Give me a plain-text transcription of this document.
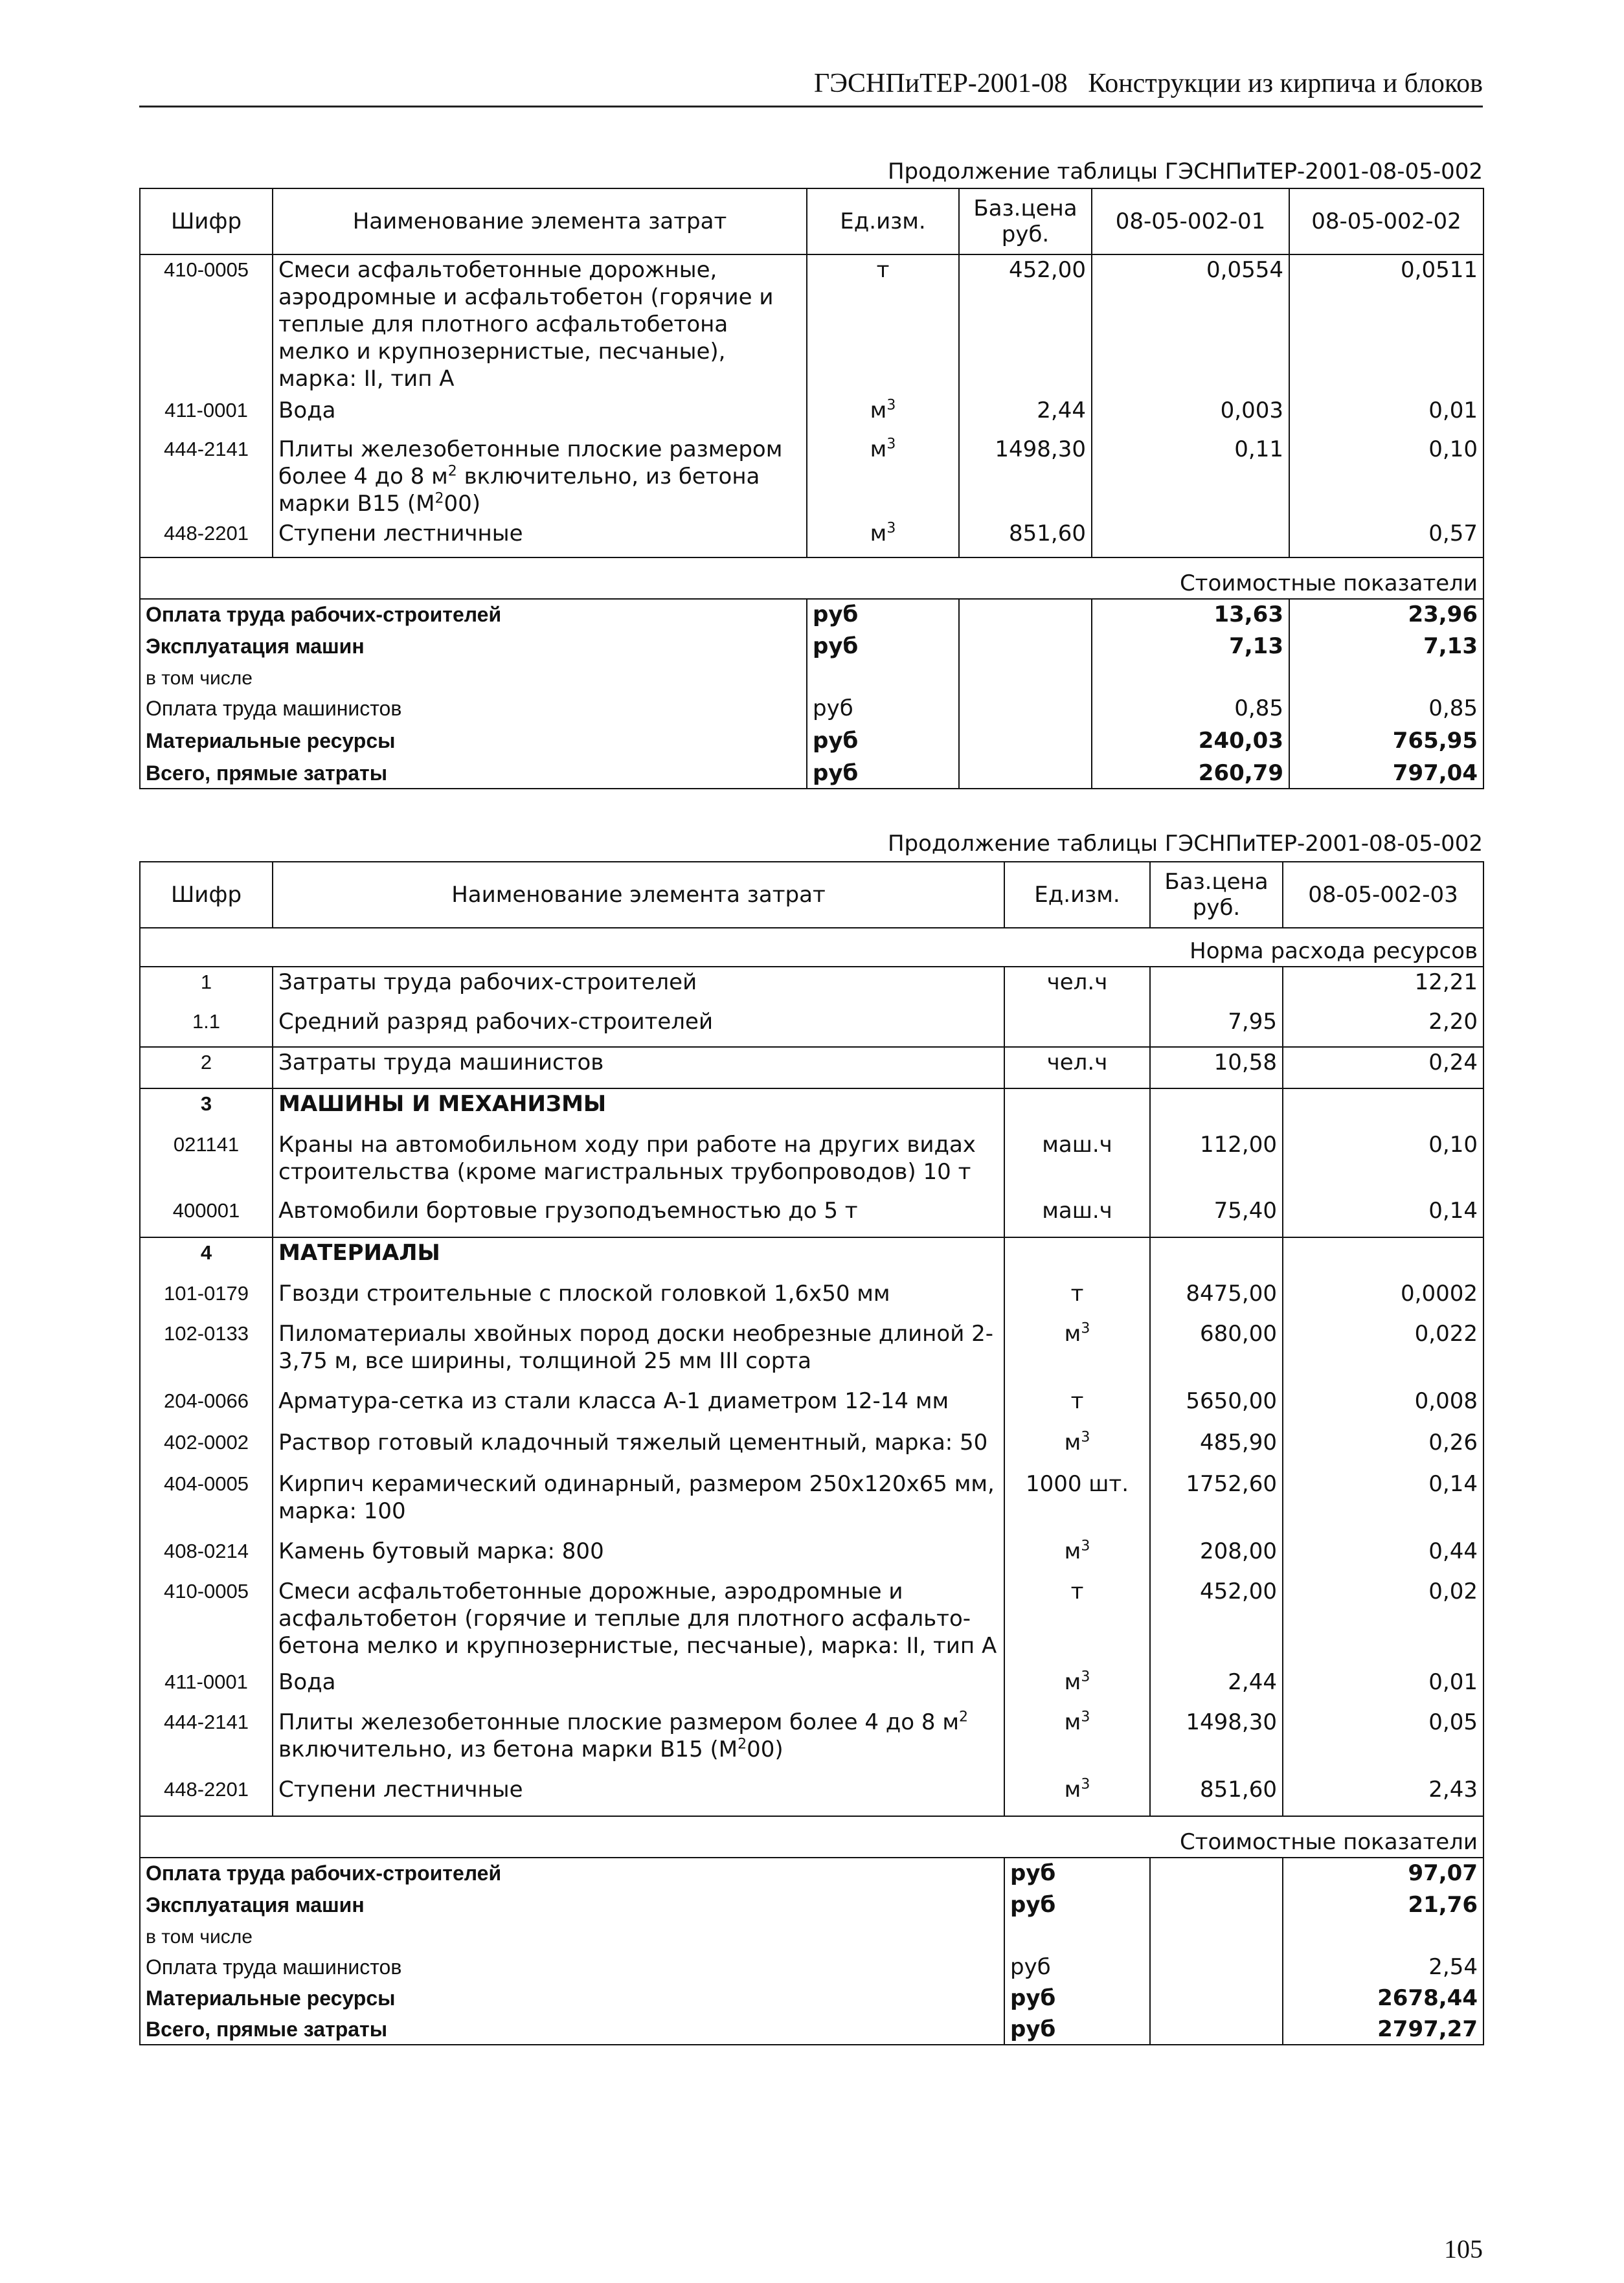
ГЭСНПиТЕР-2001-08 Конструкции из кирпича и блоков
Продолжение таблицы ГЭСНПиТЕР-2001-08-05-002
Шифр	Наименование элемента затрат	Ед.изм.	Баз.цена руб.	08-05-002-01	08-05-002-02
410-0005	Смеси асфальтобетонные дорожные, аэродромные и асфальтобетон (горячие и теплые для плотного асфальтобетона мелко и крупнозернистые, песчаные), марка: II, тип А	т	452,00	0,0554	0,0511
411-0001	Вода	$м^3$	2,44	0,003	0,01
444-2141	Плиты железобетонные плоские размером более 4 до 8 $м^2$ включительно, из бетона марки В15 $(М^200)$	$м^3$	1498,30	0,11	0,10
448-2201	Ступени лестничные	$м^3$	851,60		0,57
Стоимостные показатели					
Оплата труда рабочих-строителей		руб		13,63	23,96
Эксплуатация машин		руб		7,13	7,13
в том числе					
Оплата труда машинистов		руб		0,85	0,85
Материальные ресурсы		руб		240,03	765,95
Всего, прямые затраты		руб		260,79	797,04
Продолжение таблицы ГЭСНПиТЕР-2001-08-05-002
Шифр	Наименование элемента затрат	Ед.изм.	Баз.цена руб.	08-05-002-03
Норма расхода ресурсов				
1	Затраты труда рабочих-строителей	чел.ч		12,21
1.1	Средний разряд рабочих-строителей		7,95	2,20
2	Затраты труда машинистов	чел.ч	10,58	0,24
3	МАШИНЫ И МЕХАНИЗМЫ			
021141	Краны на автомобильном ходу при работе на других видах строительства (кроме магистральных трубопроводов) 10 т	маш.ч	112,00	0,10
400001	Автомобили бортовые грузоподъемностью до 5 т	маш.ч	75,40	0,14
4	МАТЕРИАЛЫ			
101-0179	Гвозди строительные с плоской головкой 1,6x50 мм	т	8475,00	0,0002
102-0133	Пиломатериалы хвойных пород доски необрезные длиной 2-3,75 м, все ширины, толщиной 25 мм III сорта	$м^3$	680,00	0,022
204-0066	Арматура-сетка из стали класса А-1 диаметром 12-14 мм	т	5650,00	0,008
402-0002	Раствор готовый кладочный тяжелый цементный, марка: 50	$м^3$	485,90	0,26
404-0005	Кирпич керамический одинарный, размером 250x120x65 мм, марка: 100	1000 шт.	1752,60	0,14
408-0214	Камень бутовый марка: 800	$м^3$	208,00	0,44
410-0005	Смеси асфальтобетонные дорожные, аэродромные и асфальтобетон (горячие и теплые для плотного асфальто-бетона мелко и крупнозернистые, песчаные), марка: II, тип А	т	452,00	0,02
411-0001	Вода	$м^3$	2,44	0,01
444-2141	Плиты железобетонные плоские размером более 4 до 8 $м^2$ включительно, из бетона марки В15 $(М^200)$	$м^3$	1498,30	0,05
448-2201	Ступени лестничные	$м^3$	851,60	2,43
Стоимостные показатели				
Оплата труда рабочих-строителей		руб		97,07
Эксплуатация машин		руб		21,76
в том числе				
Оплата труда машинистов		руб		2,54
Материальные ресурсы		руб		2678,44
Всего, прямые затраты		руб		2797,27
105
